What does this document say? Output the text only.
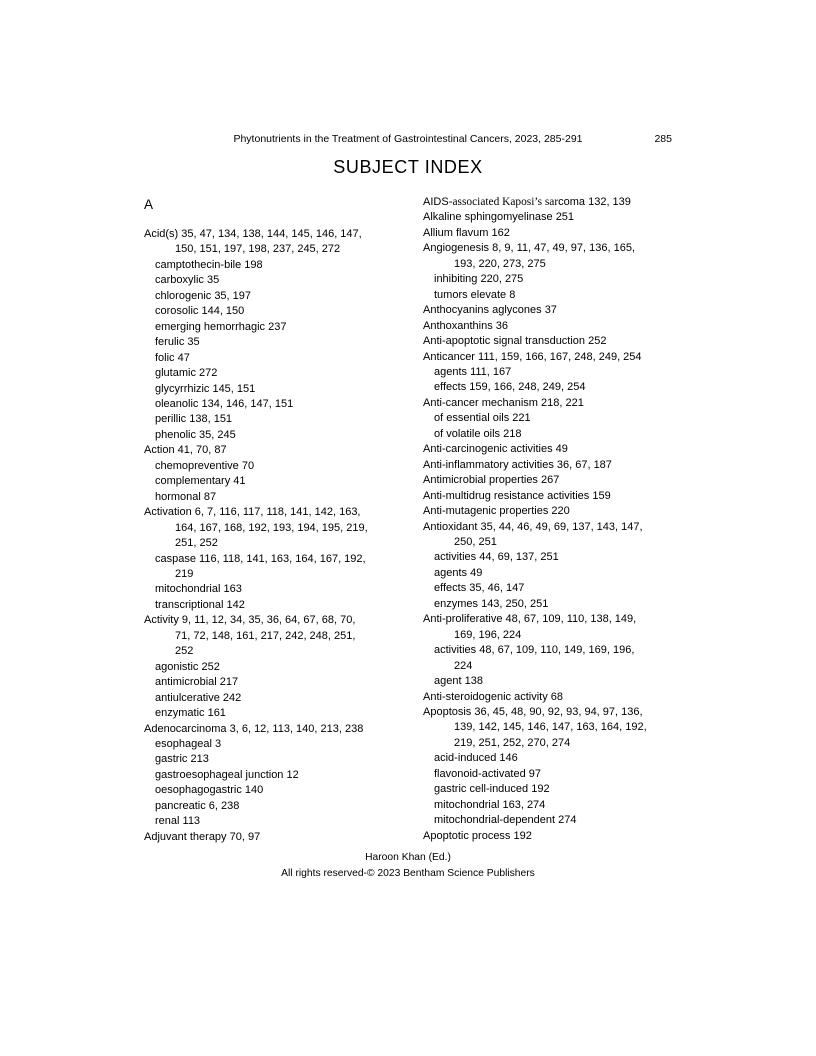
Phytonutrients in the Treatment of Gastrointestinal Cancers, 2023, 285-291	285
SUBJECT INDEX
A
Acid(s) 35, 47, 134, 138, 144, 145, 146, 147,
150, 151, 197, 198, 237, 245, 272
camptothecin-bile 198
carboxylic 35
chlorogenic 35, 197
corosolic 144, 150
emerging hemorrhagic 237
ferulic 35
folic 47
glutamic 272
glycyrrhizic 145, 151
oleanolic 134, 146, 147, 151
perillic 138, 151
phenolic 35, 245
Action 41, 70, 87
chemopreventive 70
complementary 41
hormonal 87
Activation 6, 7, 116, 117, 118, 141, 142, 163,
164, 167, 168, 192, 193, 194, 195, 219,
251, 252
caspase 116, 118, 141, 163, 164, 167, 192,
219
mitochondrial 163
transcriptional 142
Activity 9, 11, 12, 34, 35, 36, 64, 67, 68, 70,
71, 72, 148, 161, 217, 242, 248, 251,
252
agonistic 252
antimicrobial 217
antiulcerative 242
enzymatic 161
Adenocarcinoma 3, 6, 12, 113, 140, 213, 238
esophageal 3
gastric 213
gastroesophageal junction 12
oesophagogastric 140
pancreatic 6, 238
renal 113
Adjuvant therapy 70, 97
AIDS-associated Kaposi’s sarcoma 132, 139
Alkaline sphingomyelinase 251
Allium flavum 162
Angiogenesis 8, 9, 11, 47, 49, 97, 136, 165,
193, 220, 273, 275
inhibiting 220, 275
tumors elevate 8
Anthocyanins aglycones 37
Anthoxanthins 36
Anti-apoptotic signal transduction 252
Anticancer 111, 159, 166, 167, 248, 249, 254
agents 111, 167
effects 159, 166, 248, 249, 254
Anti-cancer mechanism 218, 221
of essential oils 221
of volatile oils 218
Anti-carcinogenic activities 49
Anti-inflammatory activities 36, 67, 187
Antimicrobial properties 267
Anti-multidrug resistance activities 159
Anti-mutagenic properties 220
Antioxidant 35, 44, 46, 49, 69, 137, 143, 147,
250, 251
activities 44, 69, 137, 251
agents 49
effects 35, 46, 147
enzymes 143, 250, 251
Anti-proliferative 48, 67, 109, 110, 138, 149,
169, 196, 224
activities 48, 67, 109, 110, 149, 169, 196,
224
agent 138
Anti-steroidogenic activity 68
Apoptosis 36, 45, 48, 90, 92, 93, 94, 97, 136,
139, 142, 145, 146, 147, 163, 164, 192,
219, 251, 252, 270, 274
acid-induced 146
flavonoid-activated 97
gastric cell-induced 192
mitochondrial 163, 274
mitochondrial-dependent 274
Apoptotic process 192
Haroon Khan (Ed.)
All rights reserved-© 2023 Bentham Science Publishers
